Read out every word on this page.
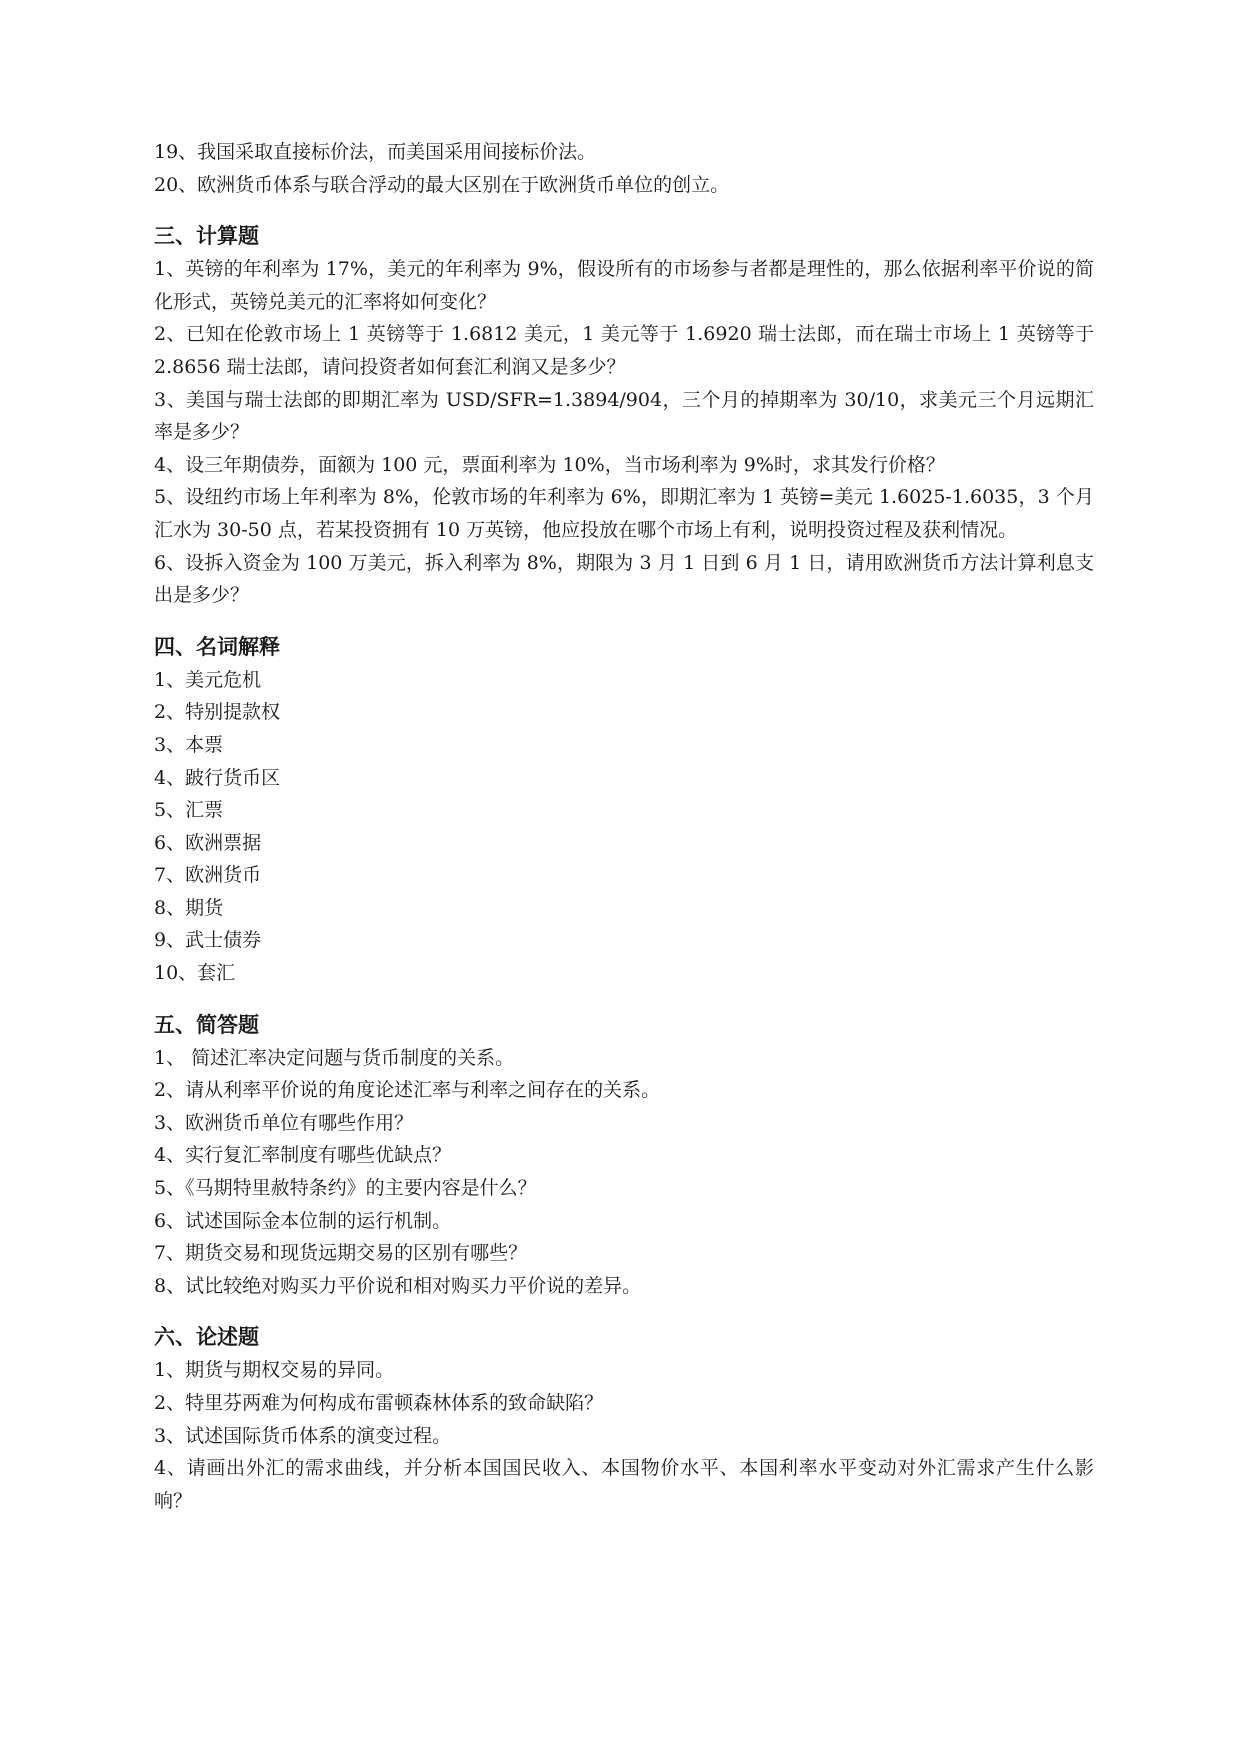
19、我国采取直接标价法，而美国采用间接标价法。

20、欧洲货币体系与联合浮动的最大区别在于欧洲货币单位的创立。

三、计算题

1、英镑的年利率为 17%，美元的年利率为 9%，假设所有的市场参与者都是理性的，那么依据利率平价说的简化形式，英镑兑美元的汇率将如何变化？

2、已知在伦敦市场上 1 英镑等于 1.6812 美元，1 美元等于 1.6920 瑞士法郎，而在瑞士市场上 1 英镑等于 2.8656 瑞士法郎，请问投资者如何套汇利润又是多少？

3、美国与瑞士法郎的即期汇率为 USD/SFR=1.3894/904，三个月的掉期率为 30/10，求美元三个月远期汇率是多少？

4、设三年期债券，面额为 100 元，票面利率为 10%，当市场利率为 9%时，求其发行价格？

5、设纽约市场上年利率为 8%，伦敦市场的年利率为 6%，即期汇率为 1 英镑=美元 1.6025-1.6035，3 个月汇水为 30-50 点，若某投资拥有 10 万英镑，他应投放在哪个市场上有利，说明投资过程及获利情况。

6、设拆入资金为 100 万美元，拆入利率为 8%，期限为 3 月 1 日到 6 月 1 日，请用欧洲货币方法计算利息支出是多少？

四、名词解释

1、美元危机

2、特别提款权

3、本票

4、跛行货币区

5、汇票

6、欧洲票据

7、欧洲货币

8、期货

9、武士债券

10、套汇

五、简答题

1、 简述汇率决定问题与货币制度的关系。

2、请从利率平价说的角度论述汇率与利率之间存在的关系。

3、欧洲货币单位有哪些作用？

4、实行复汇率制度有哪些优缺点？

5、《马期特里赦特条约》的主要内容是什么？

6、试述国际金本位制的运行机制。

7、期货交易和现货远期交易的区别有哪些？

8、试比较绝对购买力平价说和相对购买力平价说的差异。

六、论述题

1、期货与期权交易的异同。

2、特里芬两难为何构成布雷顿森林体系的致命缺陷？

3、试述国际货币体系的演变过程。

4、请画出外汇的需求曲线，并分析本国国民收入、本国物价水平、本国利率水平变动对外汇需求产生什么影响？
